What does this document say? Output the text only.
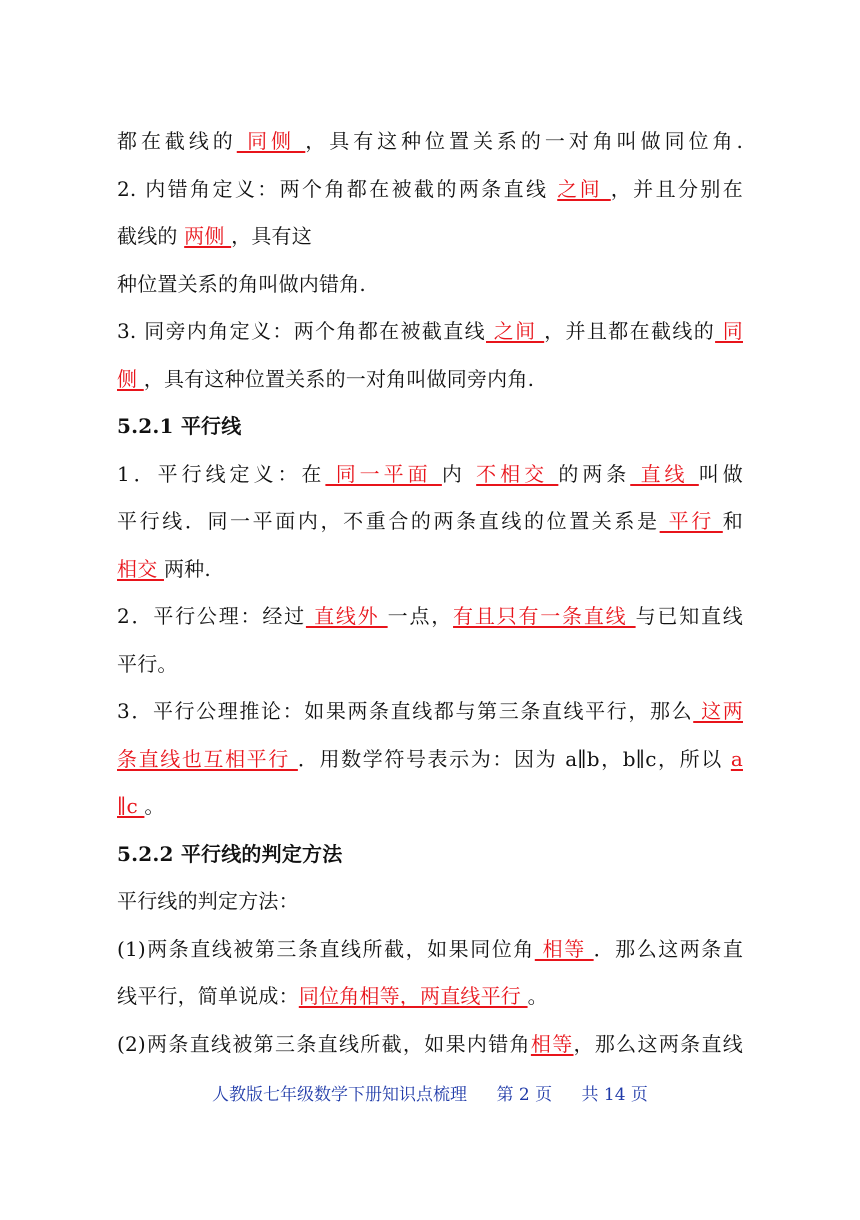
都在截线的 同侧 ，具有这种位置关系的一对角叫做同位角.

2. 内错角定义：两个角都在被截的两条直线 之间 ，并且分别在

截线的 两侧 ，具有这

种位置关系的角叫做内错角.

3. 同旁内角定义：两个角都在被截直线 之间 ，并且都在截线的 同

侧 ，具有这种位置关系的一对角叫做同旁内角.

5.2.1 平行线

1．平行线定义：在 同一平面 内 不相交 的两条 直线 叫做

平行线．同一平面内，不重合的两条直线的位置关系是 平行 和

相交 两种.

2．平行公理：经过 直线外 一点，有且只有一条直线 与已知直线

平行。

3．平行公理推论：如果两条直线都与第三条直线平行，那么 这两

条直线也互相平行 ．用数学符号表示为：因为 a∥b，b∥c，所以 a

∥c 。

5.2.2 平行线的判定方法

平行线的判定方法：

(1)两条直线被第三条直线所截，如果同位角 相等 ．那么这两条直

线平行，简单说成：同位角相等，两直线平行 。

(2)两条直线被第三条直线所截，如果内错角相等，那么这两条直线

人教版七年级数学下册知识点梳理 第 2 页 共 14 页
